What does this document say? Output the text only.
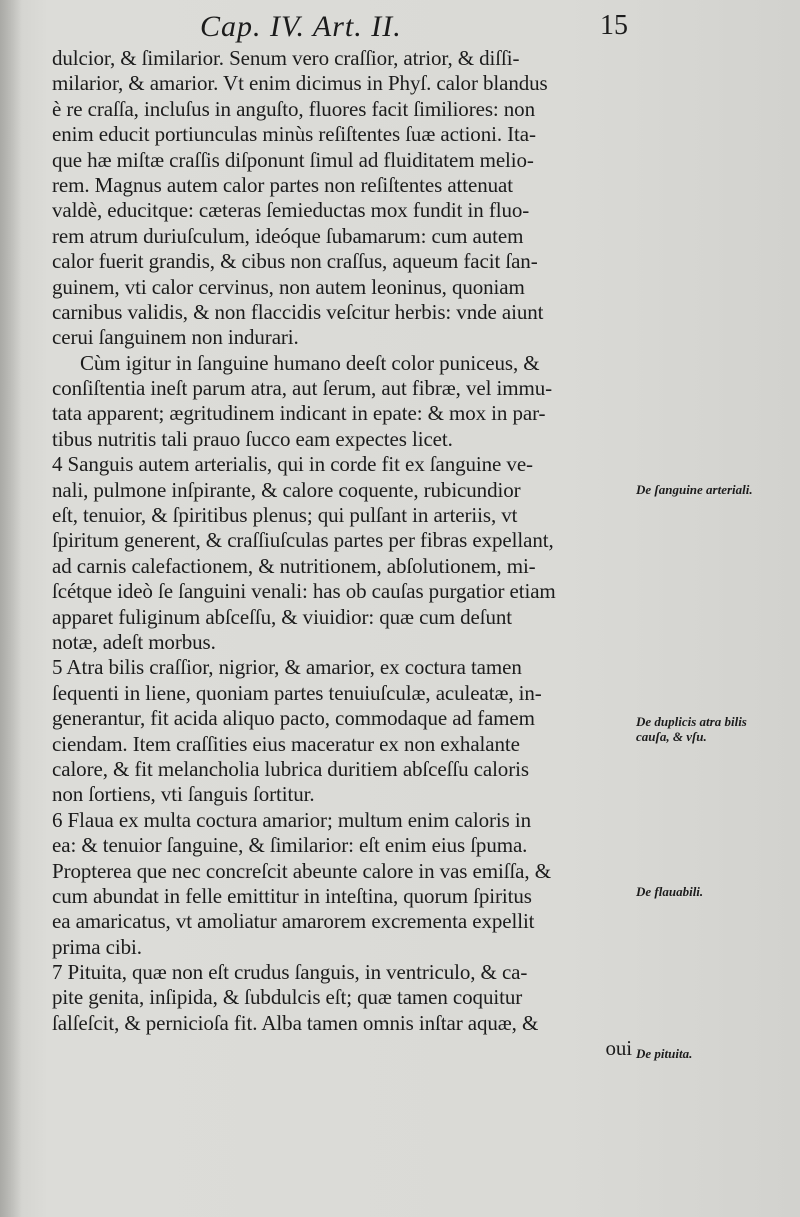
Cap. IV. Art. II.	15
dulcior, & ſimilarior. Senum vero craſſior, atrior, & diſſi-
milarior, & amarior. Vt enim dicimus in Phyſ. calor blandus
è re craſſa, incluſus in anguſto, fluores facit ſimiliores: non
enim educit portiunculas minùs reſiſtentes ſuæ actioni. Ita-
que hæ miſtæ craſſis diſponunt ſimul ad fluiditatem melio-
rem. Magnus autem calor partes non reſiſtentes attenuat
valdè, educitque: cæteras ſemieductas mox fundit in fluo-
rem atrum duriuſculum, ideóque ſubamarum: cum autem
calor fuerit grandis, & cibus non craſſus, aqueum facit ſan-
guinem, vti calor cervinus, non autem leoninus, quoniam
carnibus validis, & non flaccidis veſcitur herbis: vnde aiunt
cerui ſanguinem non indurari.
Cùm igitur in ſanguine humano deeſt color puniceus, &
conſiſtentia ineſt parum atra, aut ſerum, aut fibræ, vel immu-
tata apparent; ægritudinem indicant in epate: & mox in par-
tibus nutritis tali prauo ſucco eam expectes licet.
4 Sanguis autem arterialis, qui in corde fit ex ſanguine ve-
nali, pulmone inſpirante, & calore coquente, rubicundior
eſt, tenuior, & ſpiritibus plenus; qui pulſant in arteriis, vt
ſpiritum generent, & craſſiuſculas partes per fibras expellant,
ad carnis calefactionem, & nutritionem, abſolutionem, mi-
ſcétque ideò ſe ſanguini venali: has ob cauſas purgatior etiam
apparet fuliginum abſceſſu, & viuidior: quæ cum deſunt
notæ, adeſt morbus.
5 Atra bilis craſſior, nigrior, & amarior, ex coctura tamen
ſequenti in liene, quoniam partes tenuiuſculæ, aculeatæ, in-
generantur, fit acida aliquo pacto, commodaque ad famem
ciendam. Item craſſities eius maceratur ex non exhalante
calore, & fit melancholia lubrica duritiem abſceſſu caloris
non ſortiens, vti ſanguis ſortitur.
6 Flaua ex multa coctura amarior; multum enim caloris in
ea: & tenuior ſanguine, & ſimilarior: eſt enim eius ſpuma.
Propterea que nec concreſcit abeunte calore in vas emiſſa, &
cum abundat in felle emittitur in inteſtina, quorum ſpiritus
ea amaricatus, vt amoliatur amarorem excrementa expellit
prima cibi.
7 Pituita, quæ non eſt crudus ſanguis, in ventriculo, & ca-
pite genita, inſipida, & ſubdulcis eſt; quæ tamen coquitur
ſalſeſcit, & pernicioſa fit. Alba tamen omnis inſtar aquæ, &
oui
De ſanguine arteriali.
De duplicis atra bilis cauſa, & vſu.
De flauabili.
De pituita.
